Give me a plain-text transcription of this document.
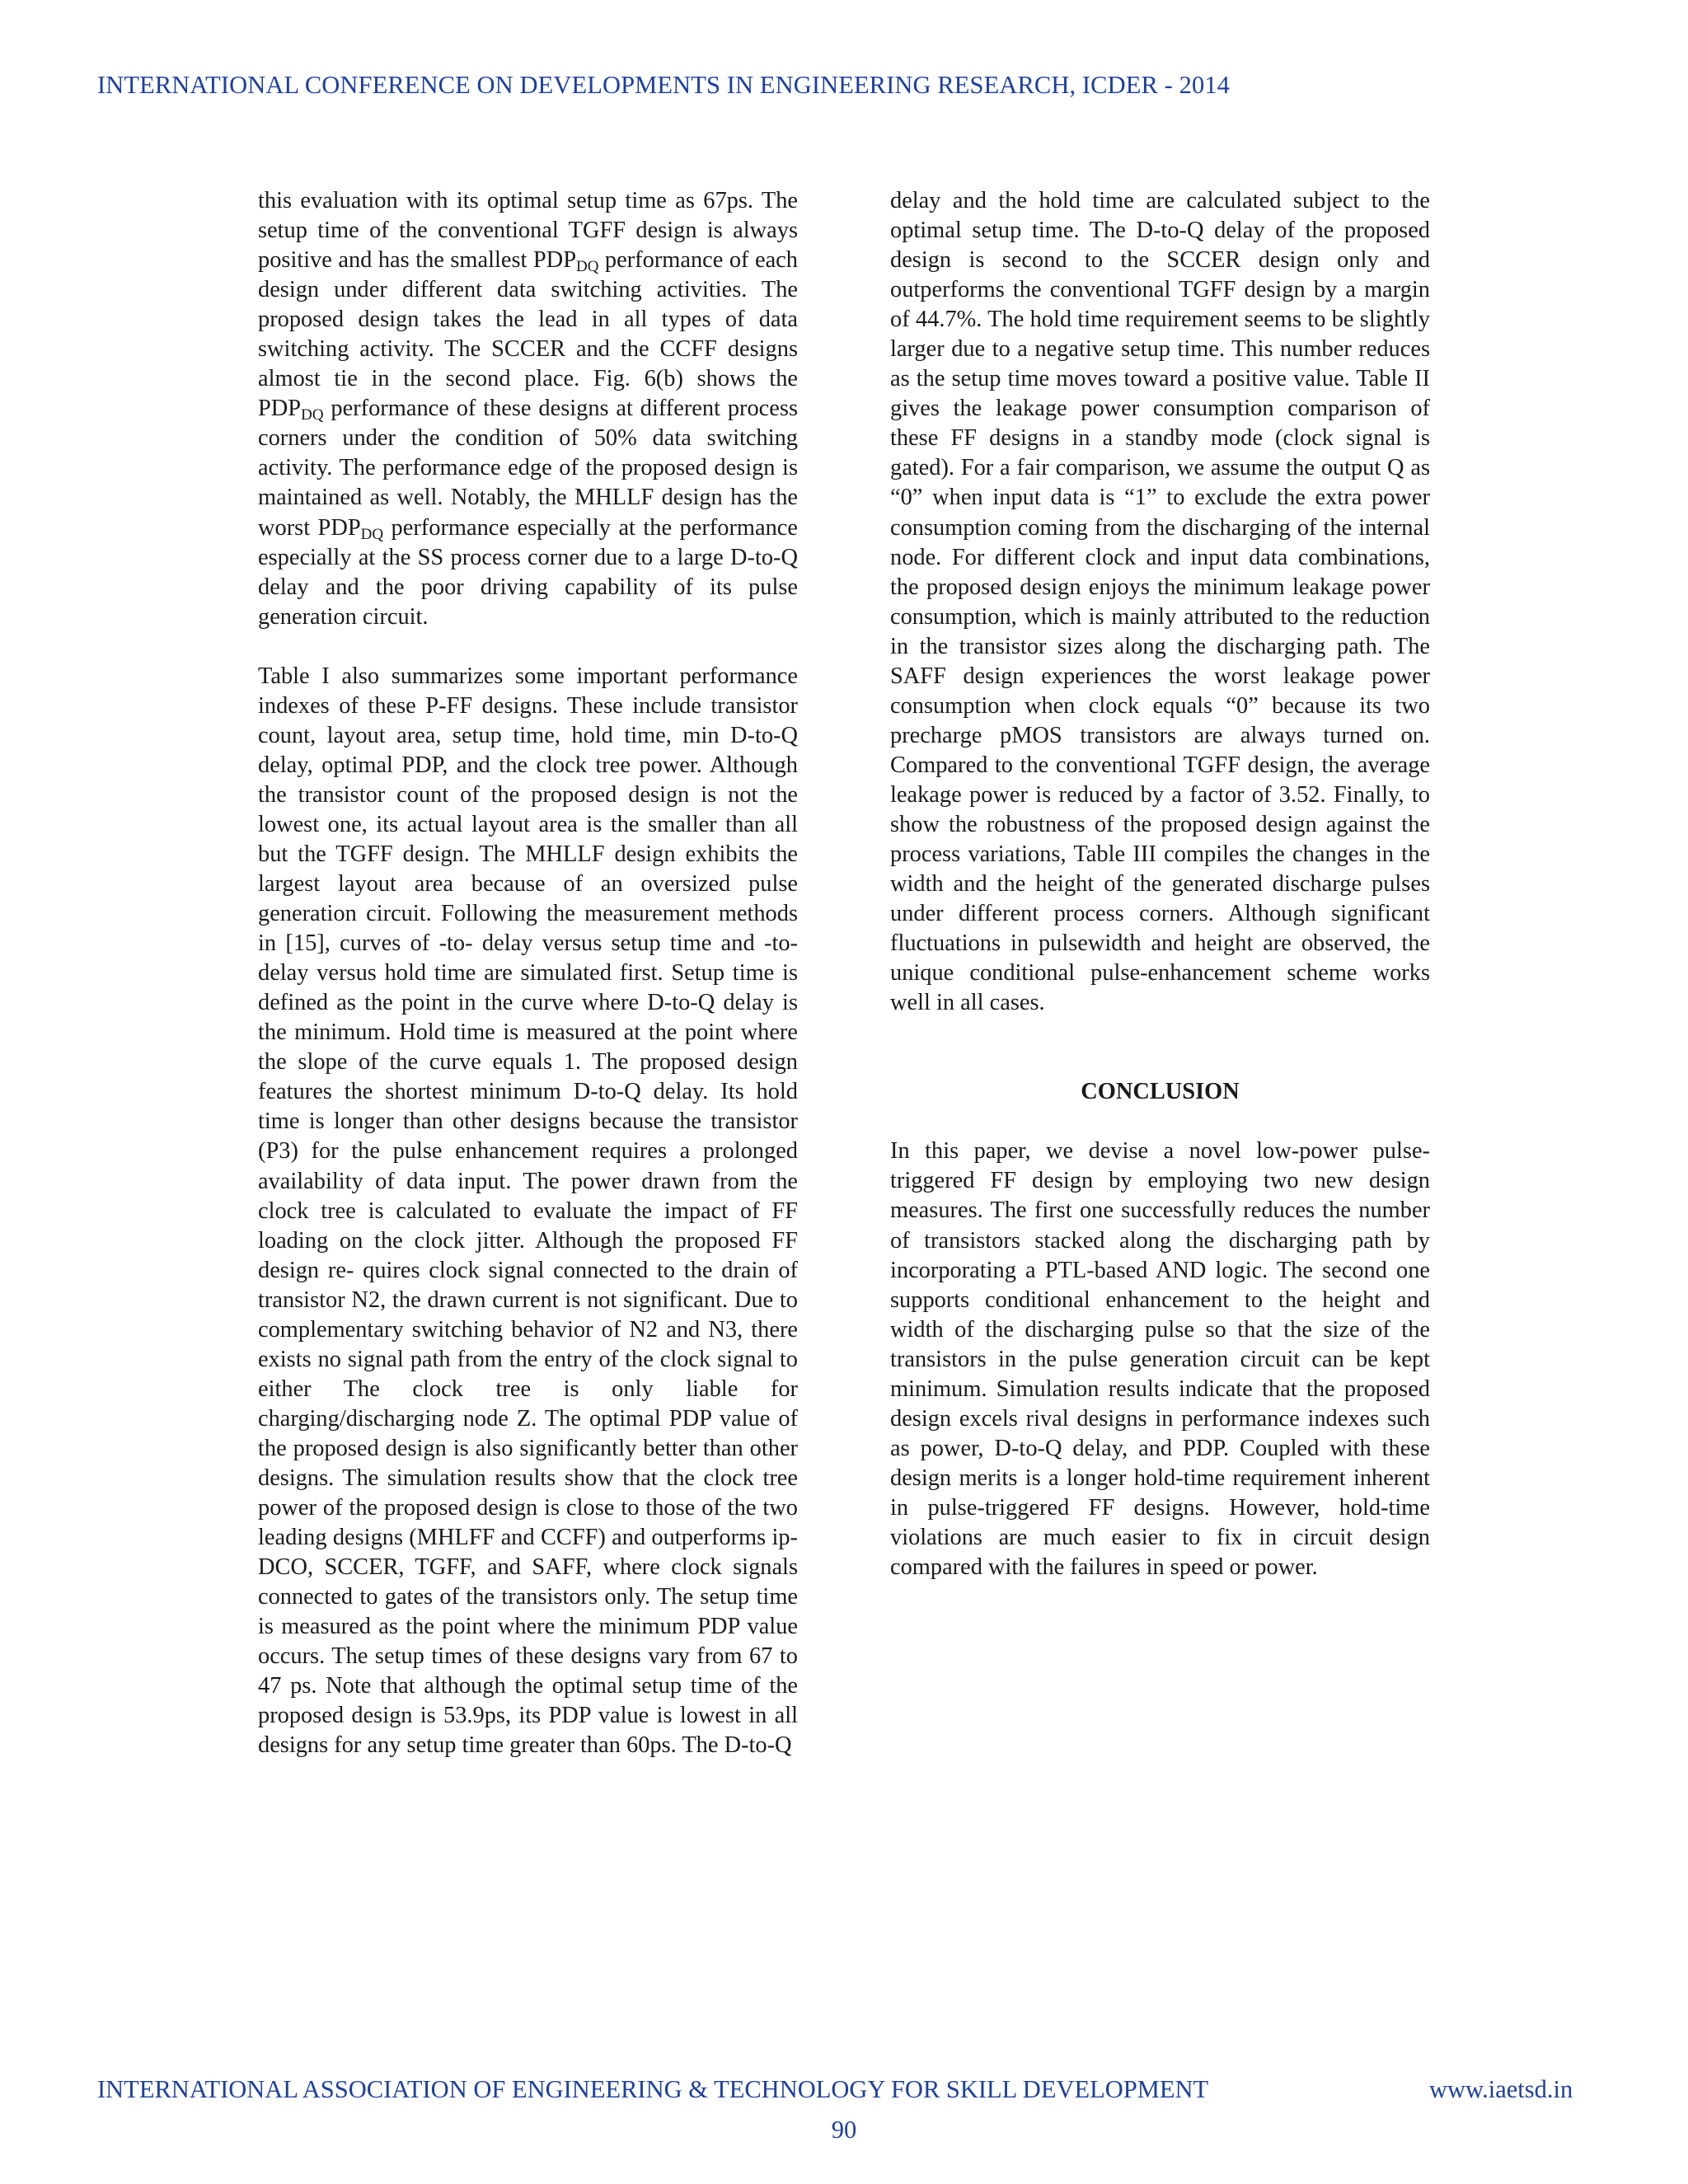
INTERNATIONAL CONFERENCE ON DEVELOPMENTS IN ENGINEERING RESEARCH, ICDER - 2014

this evaluation with its optimal setup time as 67ps. The setup time of the conventional TGFF design is always positive and has the smallest $PDP_{DQ}$ performance of each design under different data switching activities. The proposed design takes the lead in all types of data switching activity. The SCCER and the CCFF designs almost tie in the second place. Fig. 6(b) shows the $PDP_{DQ}$ performance of these designs at different process corners under the condition of 50% data switching activity. The performance edge of the proposed design is maintained as well. Notably, the MHLLF design has the worst $PDP_{DQ}$ performance especially at the performance especially at the SS process corner due to a large D-to-Q delay and the poor driving capability of its pulse generation circuit.

Table I also summarizes some important performance indexes of these P-FF designs. These include transistor count, layout area, setup time, hold time, min D-to-Q delay, optimal PDP, and the clock tree power. Although the transistor count of the proposed design is not the lowest one, its actual layout area is the smaller than all but the TGFF design. The MHLLF design exhibits the largest layout area because of an oversized pulse generation circuit. Following the measurement methods in [15], curves of -to- delay versus setup time and -to- delay versus hold time are simulated first. Setup time is defined as the point in the curve where D-to-Q delay is the minimum. Hold time is measured at the point where the slope of the curve equals 1. The proposed design features the shortest minimum D-to-Q delay. Its hold time is longer than other designs because the transistor (P3) for the pulse enhancement requires a prolonged availability of data input. The power drawn from the clock tree is calculated to evaluate the impact of FF loading on the clock jitter. Although the proposed FF design re- quires clock signal connected to the drain of transistor N2, the drawn current is not significant. Due to complementary switching behavior of N2 and N3, there exists no signal path from the entry of the clock signal to either The clock tree is only liable for charging/discharging node Z. The optimal PDP value of the proposed design is also significantly better than other designs. The simulation results show that the clock tree power of the proposed design is close to those of the two leading designs (MHLFF and CCFF) and outperforms ip-DCO, SCCER, TGFF, and SAFF, where clock signals connected to gates of the transistors only. The setup time is measured as the point where the minimum PDP value occurs. The setup times of these designs vary from 67 to 47 ps. Note that although the optimal setup time of the proposed design is 53.9ps, its PDP value is lowest in all designs for any setup time greater than 60ps. The D-to-Q

delay and the hold time are calculated subject to the optimal setup time. The D-to-Q delay of the proposed design is second to the SCCER design only and outperforms the conventional TGFF design by a margin of 44.7%. The hold time requirement seems to be slightly larger due to a negative setup time. This number reduces as the setup time moves toward a positive value. Table II gives the leakage power consumption comparison of these FF designs in a standby mode (clock signal is gated). For a fair comparison, we assume the output Q as “0” when input data is “1” to exclude the extra power consumption coming from the discharging of the internal node. For different clock and input data combinations, the proposed design enjoys the minimum leakage power consumption, which is mainly attributed to the reduction in the transistor sizes along the discharging path. The SAFF design experiences the worst leakage power consumption when clock equals “0” because its two precharge pMOS transistors are always turned on. Compared to the conventional TGFF design, the average leakage power is reduced by a factor of 3.52. Finally, to show the robustness of the proposed design against the process variations, Table III compiles the changes in the width and the height of the generated discharge pulses under different process corners. Although significant fluctuations in pulsewidth and height are observed, the unique conditional pulse-enhancement scheme works well in all cases.

CONCLUSION

In this paper, we devise a novel low-power pulse-triggered FF design by employing two new design measures. The first one successfully reduces the number of transistors stacked along the discharging path by incorporating a PTL-based AND logic. The second one supports conditional enhancement to the height and width of the discharging pulse so that the size of the transistors in the pulse generation circuit can be kept minimum. Simulation results indicate that the proposed design excels rival designs in performance indexes such as power, D-to-Q delay, and PDP. Coupled with these design merits is a longer hold-time requirement inherent in pulse-triggered FF designs. However, hold-time violations are much easier to fix in circuit design compared with the failures in speed or power.

INTERNATIONAL ASSOCIATION OF ENGINEERING & TECHNOLOGY FOR SKILL DEVELOPMENT	www.iaetsd.in
90
